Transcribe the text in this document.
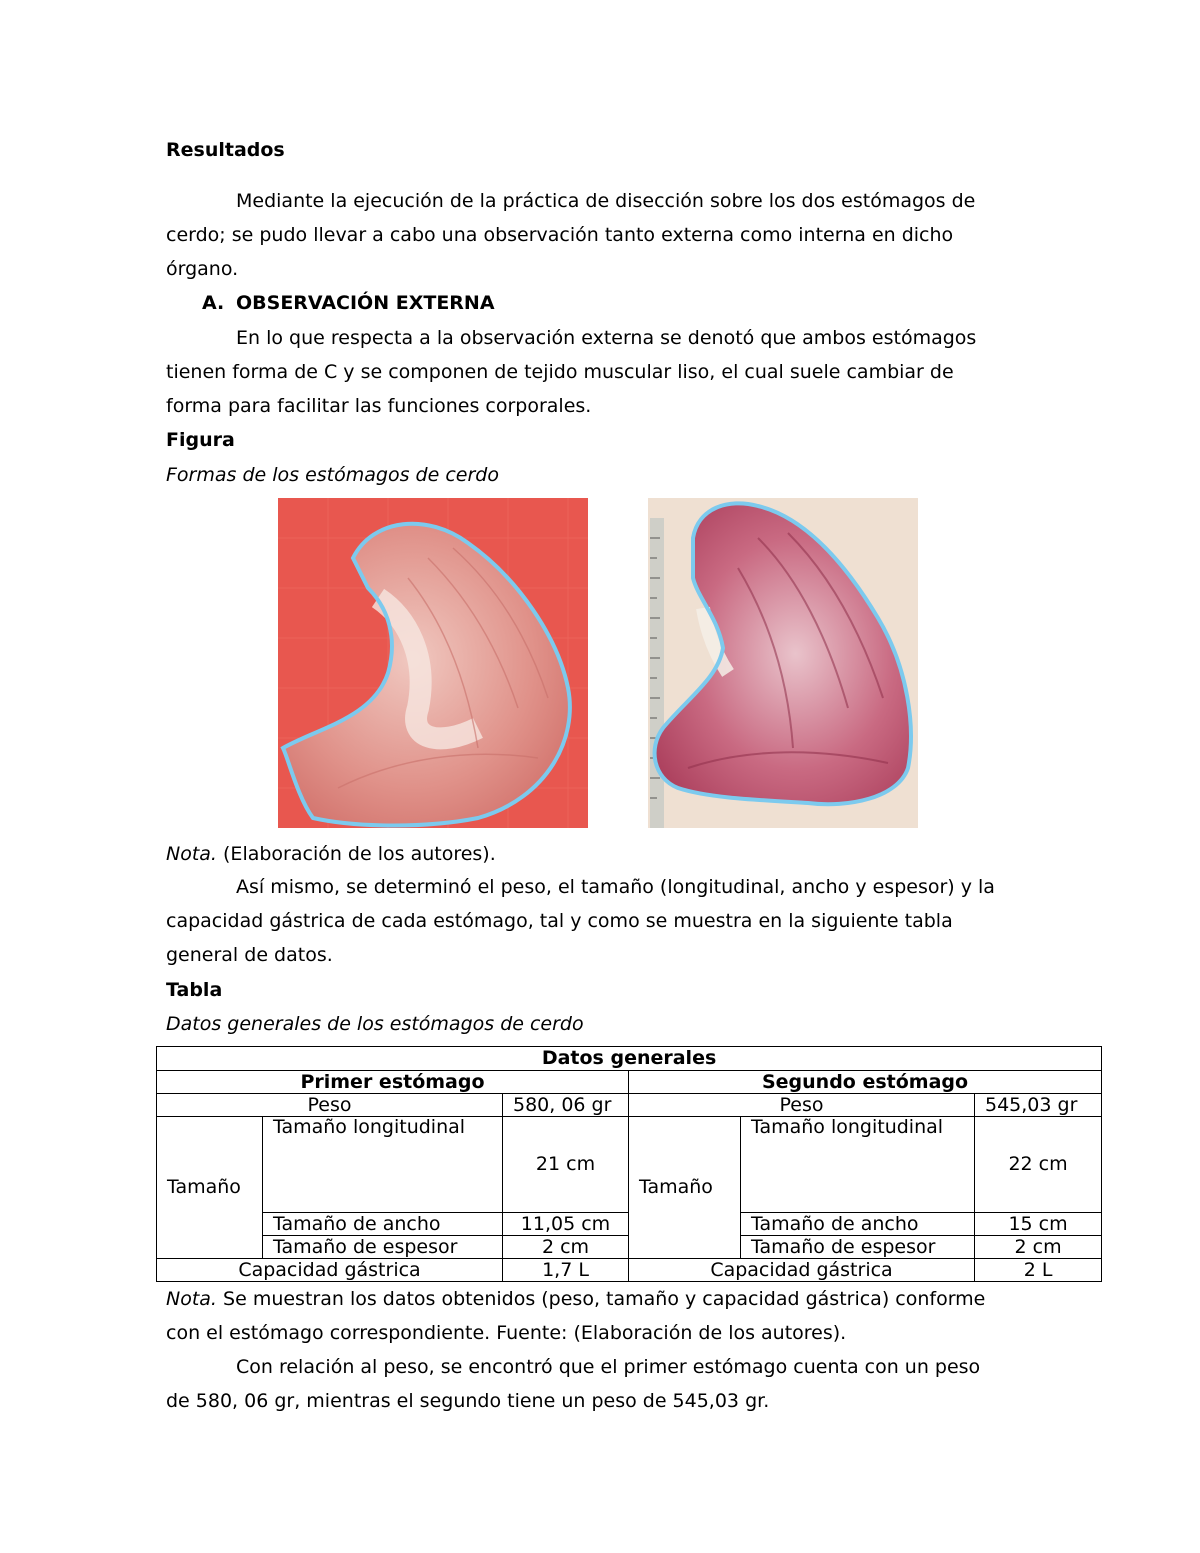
Resultados
Mediante la ejecución de la práctica de disección sobre los dos estómagos de
cerdo; se pudo llevar a cabo una observación tanto externa como interna en dicho
órgano.
A. OBSERVACIÓN EXTERNA
En lo que respecta a la observación externa se denotó que ambos estómagos
tienen forma de C y se componen de tejido muscular liso, el cual suele cambiar de
forma para facilitar las funciones corporales.
Figura
Formas de los estómagos de cerdo
Nota. (Elaboración de los autores).
Así mismo, se determinó el peso, el tamaño (longitudinal, ancho y espesor) y la
capacidad gástrica de cada estómago, tal y como se muestra en la siguiente tabla
general de datos.
Tabla
Datos generales de los estómagos de cerdo
Datos generales					
Primer estómago			Segundo estómago		
Peso		580, 06 gr		Peso		545,03 gr
Tamaño	Tamaño longitudinal	21 cm		Tamaño	Tamaño longitudinal	22 cm
	Tamaño de ancho	11,05 cm		Tamaño de ancho	15 cm
	Tamaño de espesor	2 cm		Tamaño de espesor	2 cm
Capacidad gástrica		1,7 L		Capacidad gástrica		2 L
Nota. Se muestran los datos obtenidos (peso, tamaño y capacidad gástrica) conforme
con el estómago correspondiente. Fuente: (Elaboración de los autores).
Con relación al peso, se encontró que el primer estómago cuenta con un peso
de 580, 06 gr, mientras el segundo tiene un peso de 545,03 gr.
